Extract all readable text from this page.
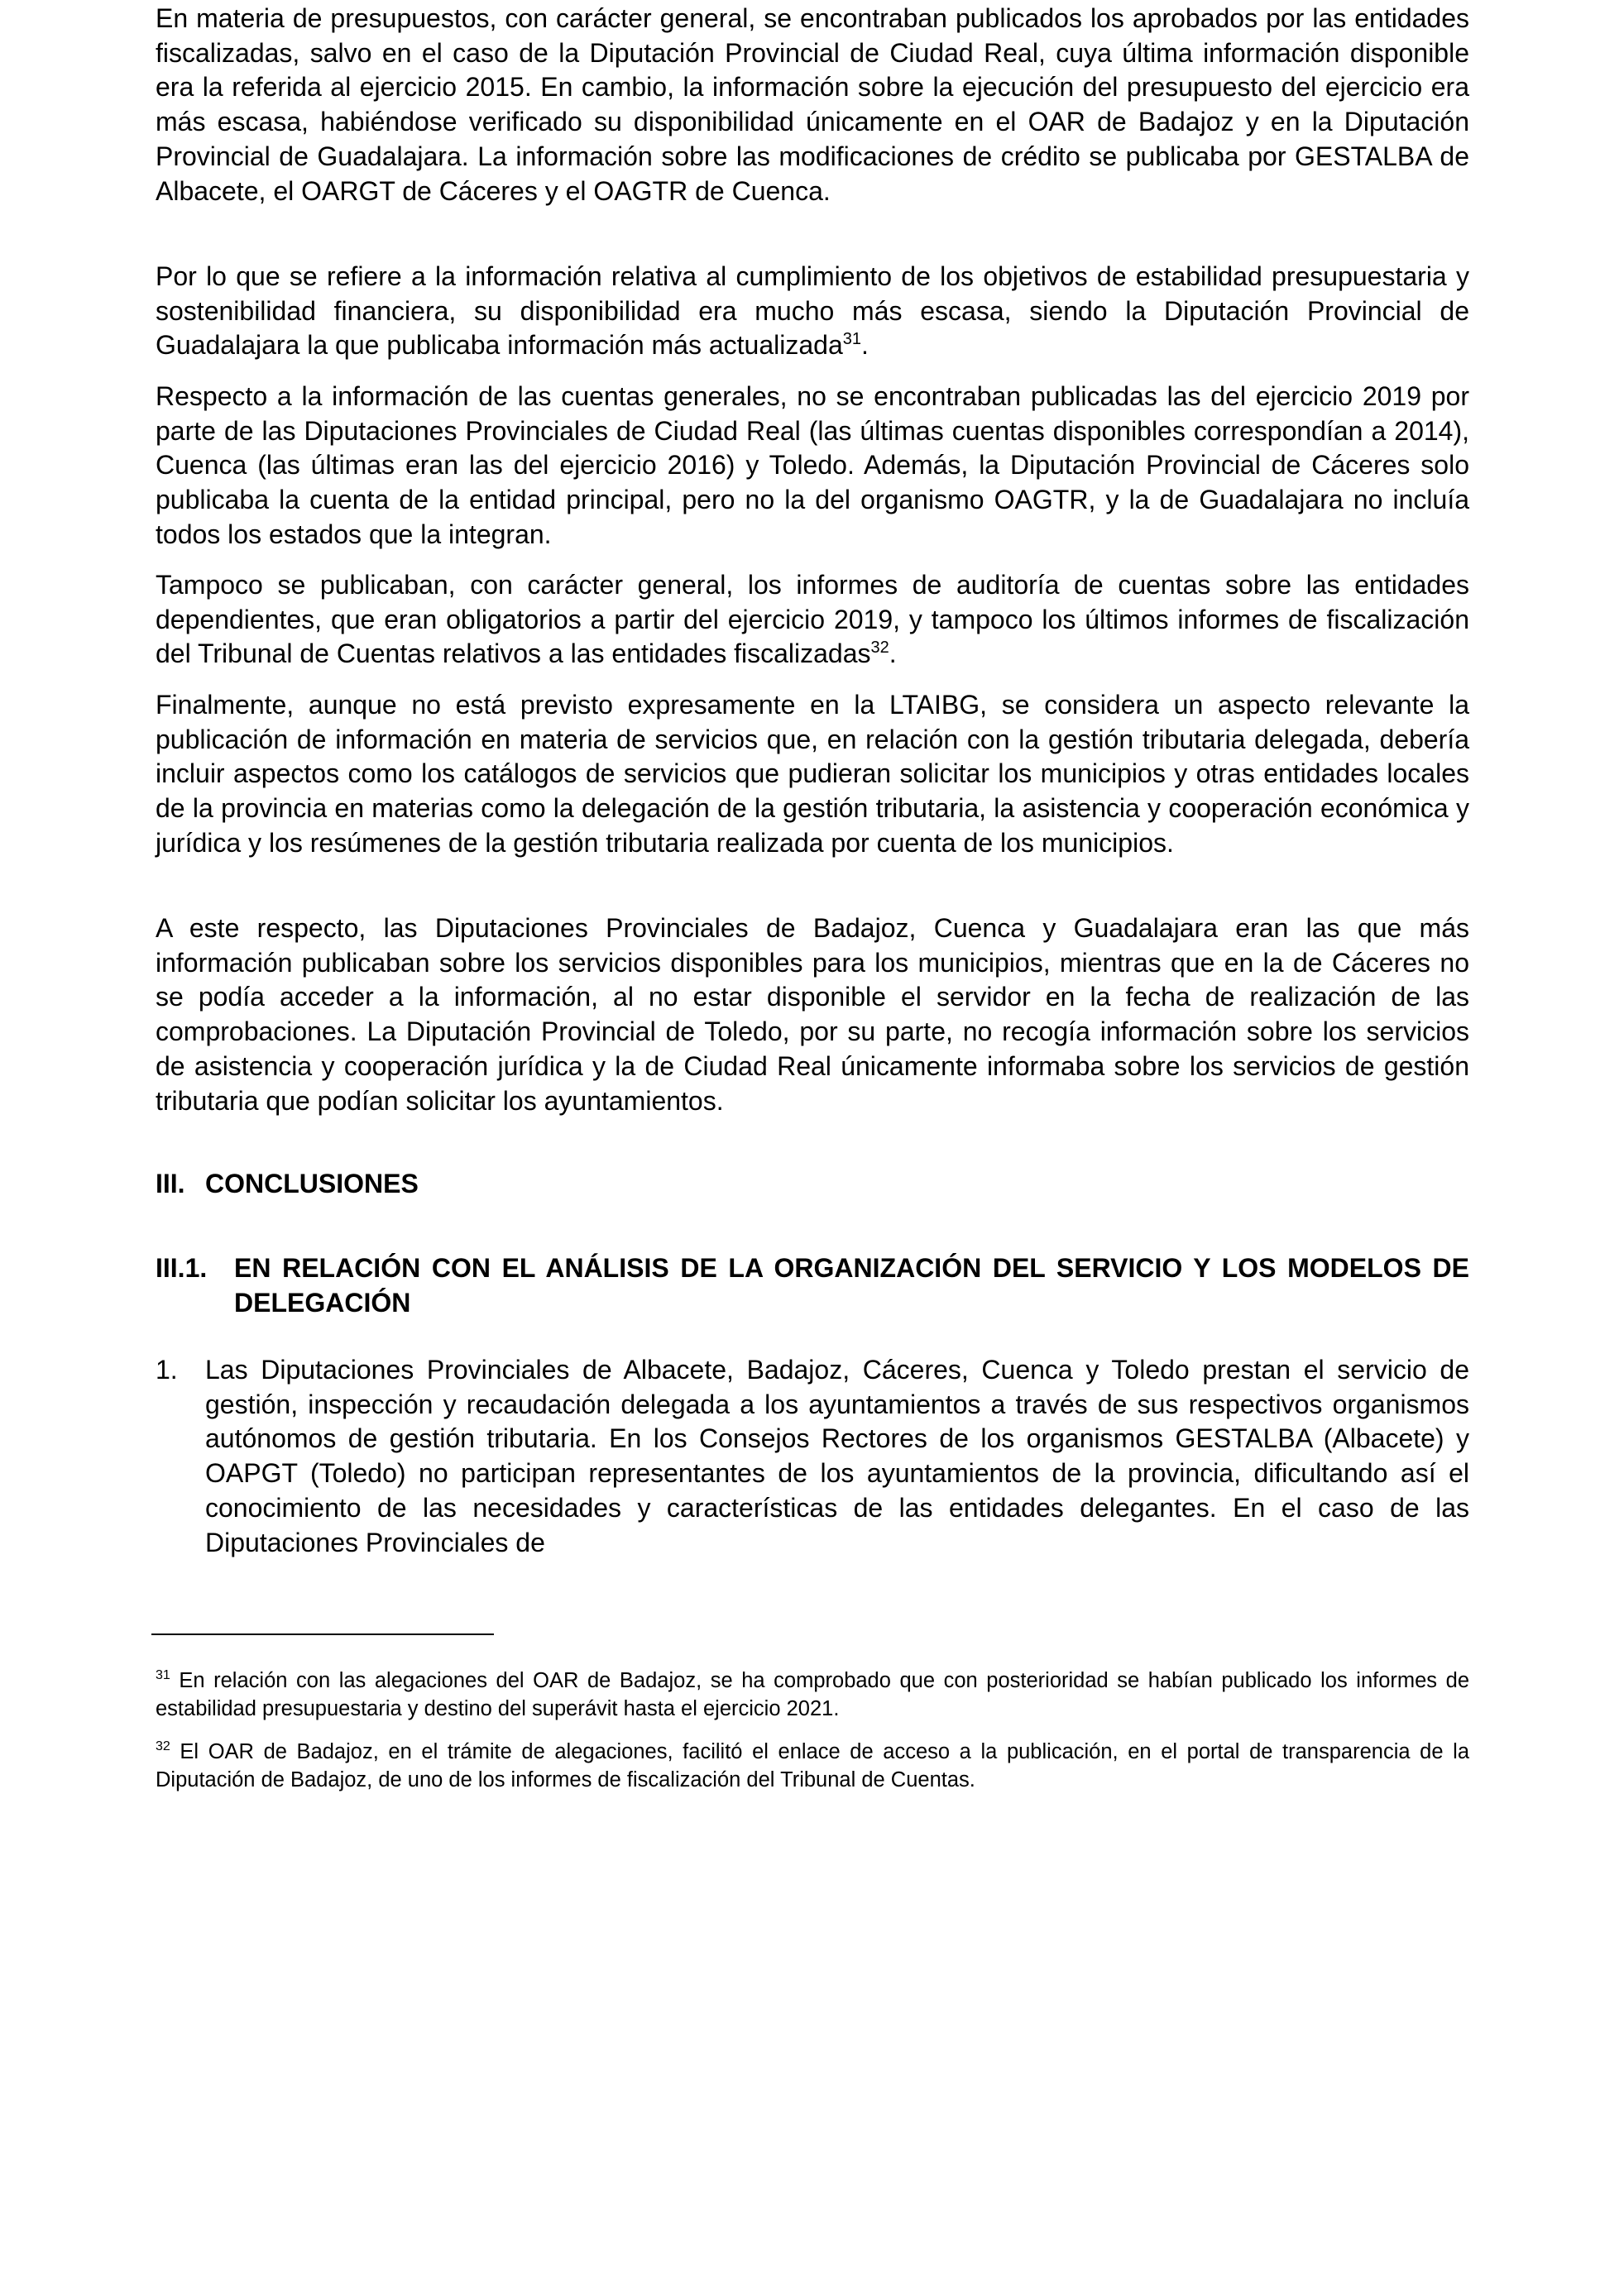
En materia de presupuestos, con carácter general, se encontraban publicados los aprobados por las entidades fiscalizadas, salvo en el caso de la Diputación Provincial de Ciudad Real, cuya última información disponible era la referida al ejercicio 2015. En cambio, la información sobre la ejecución del presupuesto del ejercicio era más escasa, habiéndose verificado su disponibilidad únicamente en el OAR de Badajoz y en la Diputación Provincial de Guadalajara. La información sobre las modificaciones de crédito se publicaba por GESTALBA de Albacete, el OARGT de Cáceres y el OAGTR de Cuenca.

Por lo que se refiere a la información relativa al cumplimiento de los objetivos de estabilidad presupuestaria y sostenibilidad financiera, su disponibilidad era mucho más escasa, siendo la Diputación Provincial de Guadalajara la que publicaba información más actualizada$^{31}$.

Respecto a la información de las cuentas generales, no se encontraban publicadas las del ejercicio 2019 por parte de las Diputaciones Provinciales de Ciudad Real (las últimas cuentas disponibles correspondían a 2014), Cuenca (las últimas eran las del ejercicio 2016) y Toledo. Además, la Diputación Provincial de Cáceres solo publicaba la cuenta de la entidad principal, pero no la del organismo OAGTR, y la de Guadalajara no incluía todos los estados que la integran.

Tampoco se publicaban, con carácter general, los informes de auditoría de cuentas sobre las entidades dependientes, que eran obligatorios a partir del ejercicio 2019, y tampoco los últimos informes de fiscalización del Tribunal de Cuentas relativos a las entidades fiscalizadas$^{32}$.

Finalmente, aunque no está previsto expresamente en la LTAIBG, se considera un aspecto relevante la publicación de información en materia de servicios que, en relación con la gestión tributaria delegada, debería incluir aspectos como los catálogos de servicios que pudieran solicitar los municipios y otras entidades locales de la provincia en materias como la delegación de la gestión tributaria, la asistencia y cooperación económica y jurídica y los resúmenes de la gestión tributaria realizada por cuenta de los municipios.

A este respecto, las Diputaciones Provinciales de Badajoz, Cuenca y Guadalajara eran las que más información publicaban sobre los servicios disponibles para los municipios, mientras que en la de Cáceres no se podía acceder a la información, al no estar disponible el servidor en la fecha de realización de las comprobaciones. La Diputación Provincial de Toledo, por su parte, no recogía información sobre los servicios de asistencia y cooperación jurídica y la de Ciudad Real únicamente informaba sobre los servicios de gestión tributaria que podían solicitar los ayuntamientos.

III. CONCLUSIONES
III.1.	EN RELACIÓN CON EL ANÁLISIS DE LA ORGANIZACIÓN DEL SERVICIO Y LOS MODELOS DE DELEGACIÓN
1.	Las Diputaciones Provinciales de Albacete, Badajoz, Cáceres, Cuenca y Toledo prestan el servicio de gestión, inspección y recaudación delegada a los ayuntamientos a través de sus respectivos organismos autónomos de gestión tributaria. En los Consejos Rectores de los organismos GESTALBA (Albacete) y OAPGT (Toledo) no participan representantes de los ayuntamientos de la provincia, dificultando así el conocimiento de las necesidades y características de las entidades delegantes. En el caso de las Diputaciones Provinciales de

$^{31}$ En relación con las alegaciones del OAR de Badajoz, se ha comprobado que con posterioridad se habían publicado los informes de estabilidad presupuestaria y destino del superávit hasta el ejercicio 2021.

$^{32}$ El OAR de Badajoz, en el trámite de alegaciones, facilitó el enlace de acceso a la publicación, en el portal de transparencia de la Diputación de Badajoz, de uno de los informes de fiscalización del Tribunal de Cuentas.
